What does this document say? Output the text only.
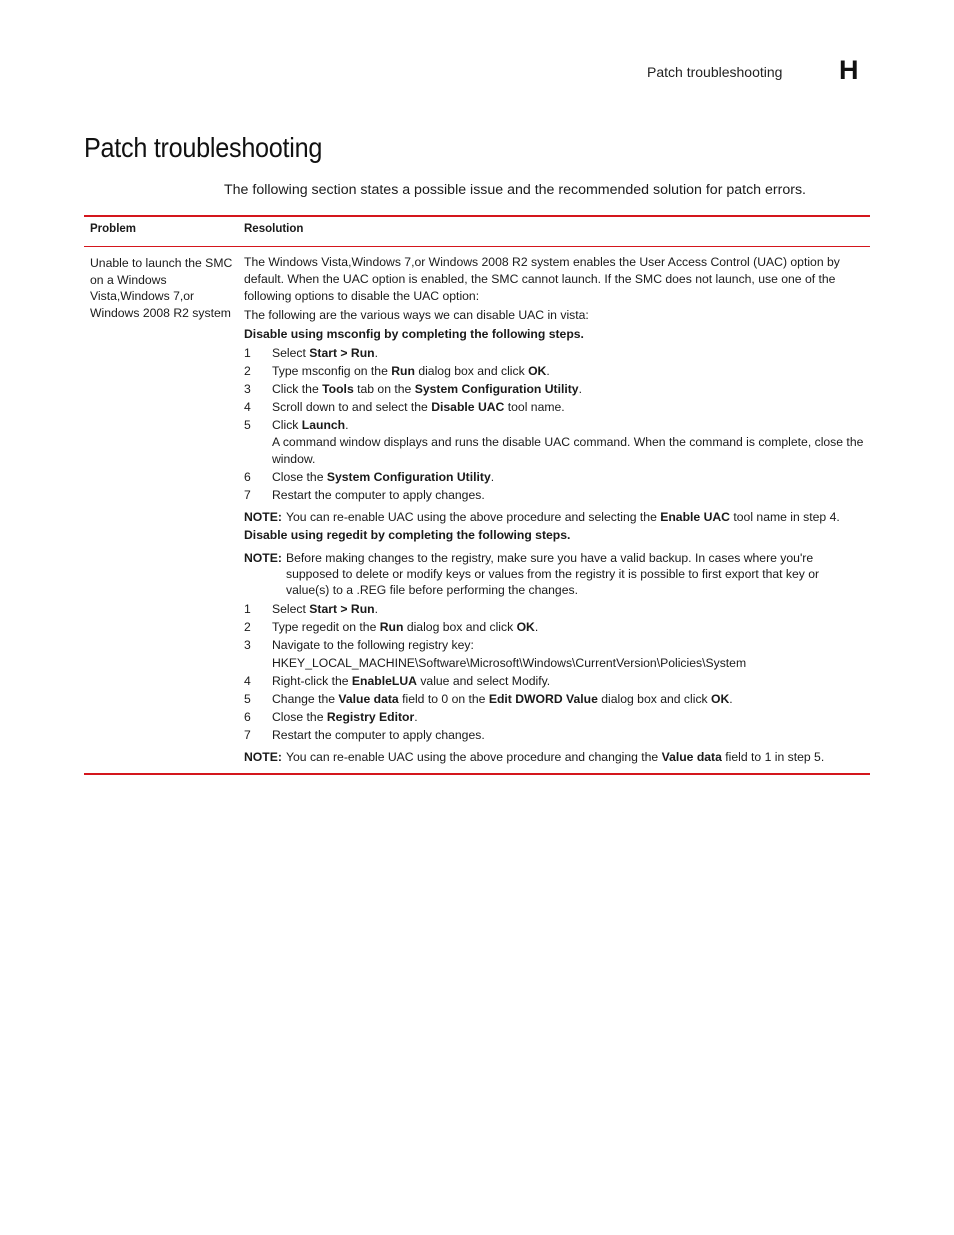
Patch troubleshooting H
Patch troubleshooting
The following section states a possible issue and the recommended solution for patch errors.
Problem	Resolution
Unable to launch the SMC on a Windows Vista,Windows 7,or Windows 2008 R2 system

The Windows Vista,Windows 7,or Windows 2008 R2 system enables the User Access Control (UAC) option by default. When the UAC option is enabled, the SMC cannot launch. If the SMC does not launch, use one of the following options to disable the UAC option:

The following are the various ways we can disable UAC in vista:

Disable using msconfig by completing the following steps.

1 Select Start > Run.

2 Type msconfig on the Run dialog box and click OK.

3 Click the Tools tab on the System Configuration Utility.

4 Scroll down to and select the Disable UAC tool name.

5 Click Launch.
A command window displays and runs the disable UAC command. When the command is complete, close the window.

6 Close the System Configuration Utility.

7 Restart the computer to apply changes.

NOTE: You can re-enable UAC using the above procedure and selecting the Enable UAC tool name in step 4.

Disable using regedit by completing the following steps.

NOTE: Before making changes to the registry, make sure you have a valid backup. In cases where you're supposed to delete or modify keys or values from the registry it is possible to first export that key or value(s) to a .REG file before performing the changes.

1 Select Start > Run.

2 Type regedit on the Run dialog box and click OK.

3 Navigate to the following registry key:
HKEY_LOCAL_MACHINE\Software\Microsoft\Windows\CurrentVersion\Policies\System

4 Right-click the EnableLUA value and select Modify.

5 Change the Value data field to 0 on the Edit DWORD Value dialog box and click OK.

6 Close the Registry Editor.

7 Restart the computer to apply changes.

NOTE: You can re-enable UAC using the above procedure and changing the Value data field to 1 in step 5.
